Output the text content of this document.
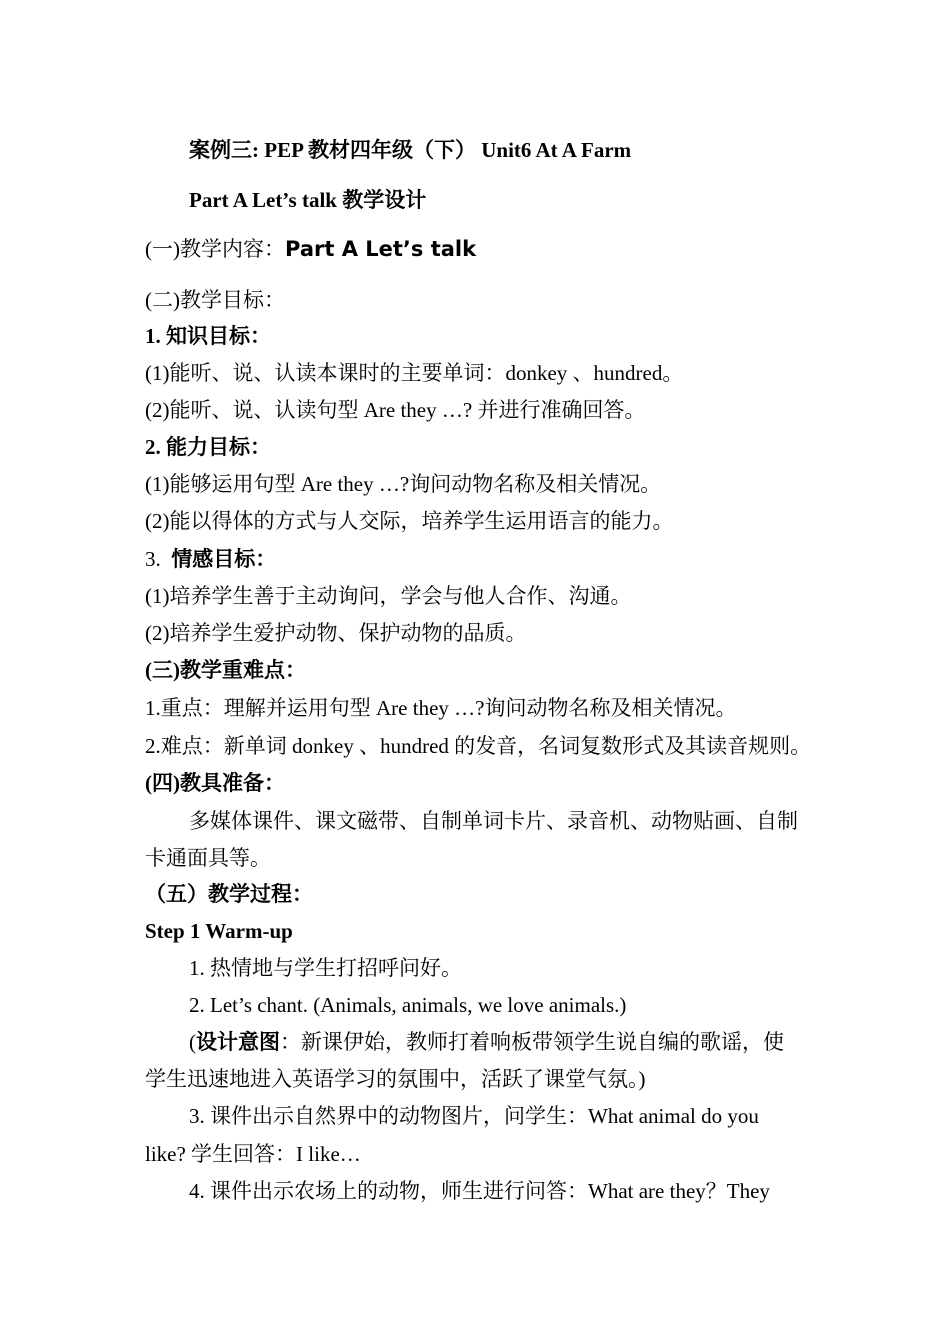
案例三: PEP 教材四年级（下） Unit6 At A Farm
Part A Let’s talk 教学设计
(一)教学内容：Part A Let’s talk
(二)教学目标：
1. 知识目标：
(1)能听、说、认读本课时的主要单词：donkey 、hundred。
(2)能听、说、认读句型 Are they …? 并进行准确回答。
2. 能力目标：
(1)能够运用句型 Are they …?询问动物名称及相关情况。
(2)能以得体的方式与人交际，培养学生运用语言的能力。
3.  情感目标：
(1)培养学生善于主动询问，学会与他人合作、沟通。
(2)培养学生爱护动物、保护动物的品质。
(三)教学重难点：
1.重点：理解并运用句型 Are they …?询问动物名称及相关情况。
2.难点：新单词 donkey 、hundred 的发音，名词复数形式及其读音规则。
(四)教具准备：
多媒体课件、课文磁带、自制单词卡片、录音机、动物贴画、自制
卡通面具等。
（五）教学过程：
Step 1 Warm-up
1. 热情地与学生打招呼问好。
2. Let’s chant. (Animals, animals, we love animals.)
(设计意图：新课伊始，教师打着响板带领学生说自编的歌谣，使
学生迅速地进入英语学习的氛围中，活跃了课堂气氛。)
3. 课件出示自然界中的动物图片，问学生：What animal do you
like? 学生回答：I like…
4. 课件出示农场上的动物，师生进行问答：What are they？They
